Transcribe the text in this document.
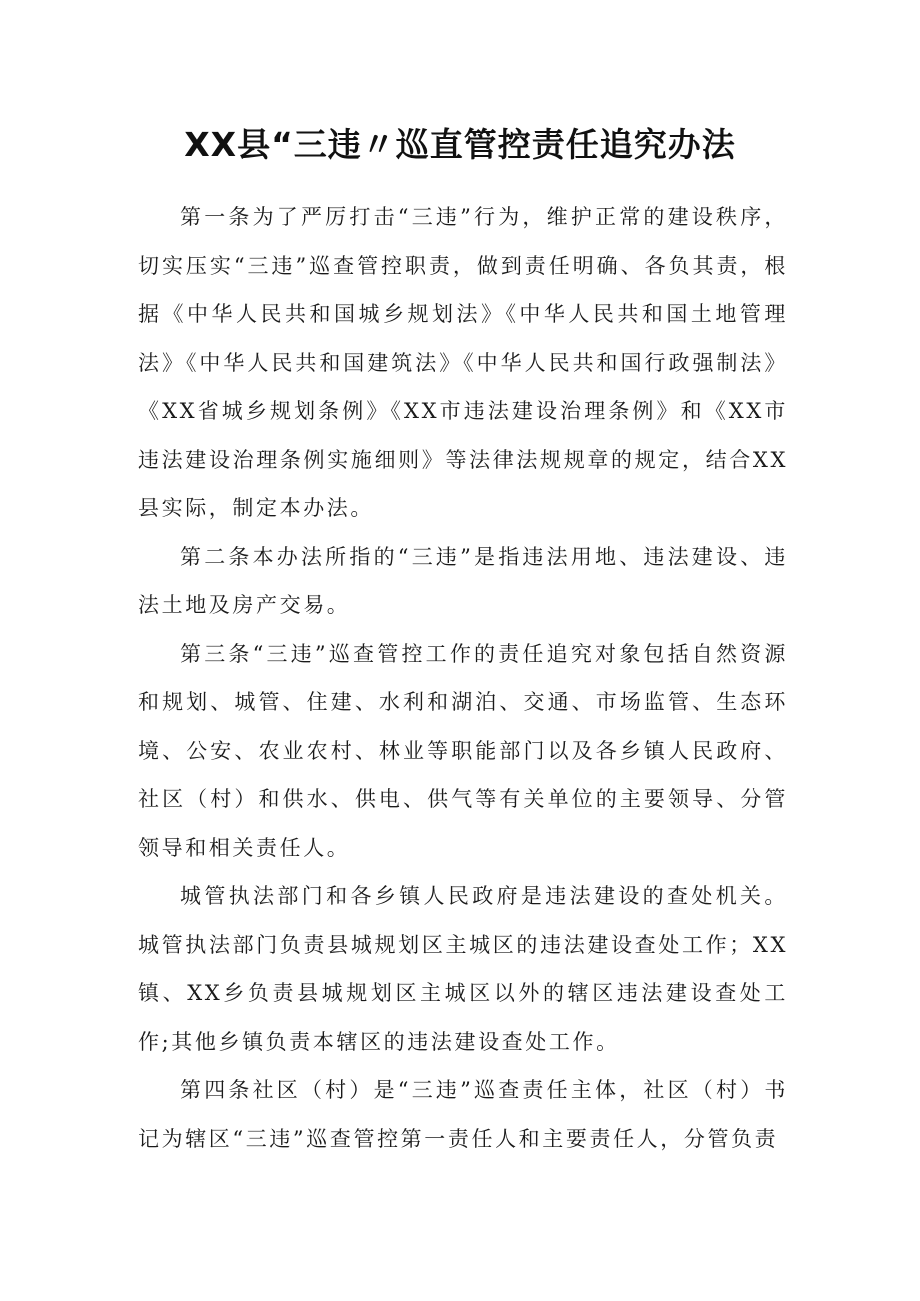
XX县“三违〃巡直管控责任追究办法

第一条为了严厉打击“三违”行为，维护正常的建设秩序，切实压实“三违”巡查管控职责，做到责任明确、各负其责，根据《中华人民共和国城乡规划法》《中华人民共和国土地管理法》《中华人民共和国建筑法》《中华人民共和国行政强制法》《XX省城乡规划条例》《XX市违法建设治理条例》和《XX市违法建设治理条例实施细则》等法律法规规章的规定，结合XX县实际，制定本办法。

第二条本办法所指的“三违”是指违法用地、违法建设、违法土地及房产交易。

第三条“三违”巡查管控工作的责任追究对象包括自然资源和规划、城管、住建、水利和湖泊、交通、市场监管、生态环境、公安、农业农村、林业等职能部门以及各乡镇人民政府、社区（村）和供水、供电、供气等有关单位的主要领导、分管领导和相关责任人。

城管执法部门和各乡镇人民政府是违法建设的查处机关。城管执法部门负责县城规划区主城区的违法建设查处工作；XX镇、XX乡负责县城规划区主城区以外的辖区违法建设查处工作;其他乡镇负责本辖区的违法建设查处工作。

第四条社区（村）是“三违”巡查责任主体，社区（村）书记为辖区“三违”巡查管控第一责任人和主要责任人，分管负责
